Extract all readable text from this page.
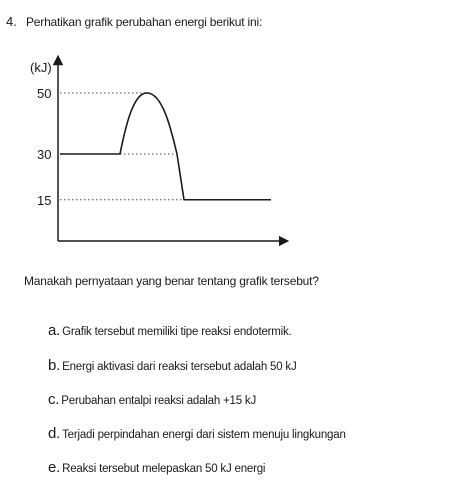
4. Perhatikan grafik perubahan energi berikut ini:
(kJ)
50
30
15
Manakah pernyataan yang benar tentang grafik tersebut?
a. Grafik tersebut memiliki tipe reaksi endotermik.
b. Energi aktivasi dari reaksi tersebut adalah 50 kJ
c. Perubahan entalpi reaksi adalah +15 kJ
d. Terjadi perpindahan energi dari sistem menuju lingkungan
e. Reaksi tersebut melepaskan 50 kJ energi
